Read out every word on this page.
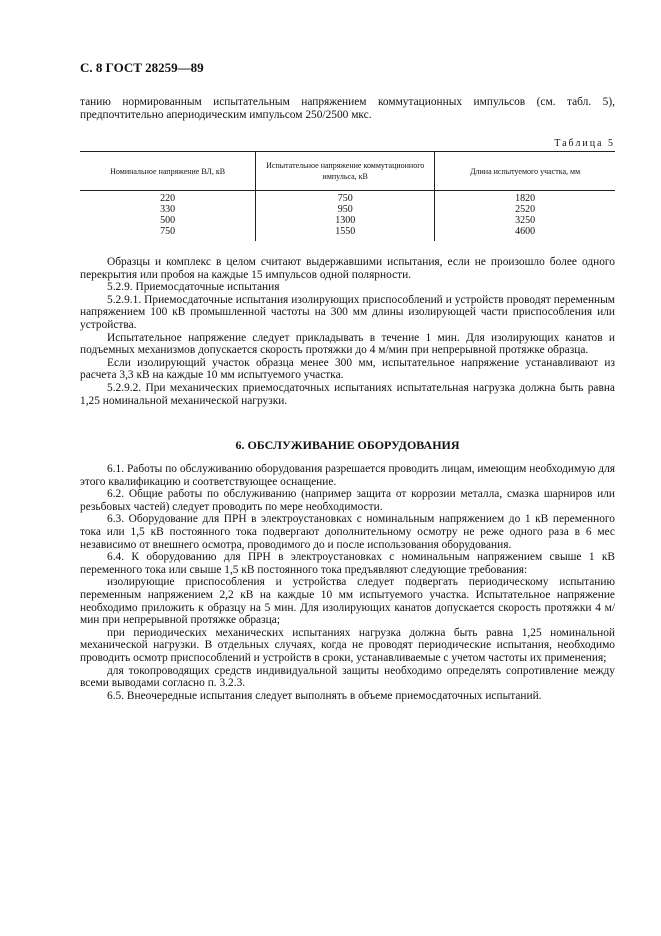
С. 8 ГОСТ 28259—89

танию нормированным испытательным напряжением коммутационных импульсов (см. табл. 5), предпочтительно апериодическим импульсом 250/2500 мкс.

Таблица 5
Номинальное напряжение ВЛ, кВ	Испытательное напряжение коммутационного импульса, кВ	Длина испытуемого участка, мм
220	750	1820
330	950	2520
500	1300	3250
750	1550	4600

Образцы и комплекс в целом считают выдержавшими испытания, если не произошло более одного перекрытия или пробоя на каждые 15 импульсов одной полярности.

5.2.9. Приемосдаточные испытания

5.2.9.1. Приемосдаточные испытания изолирующих приспособлений и устройств проводят переменным напряжением 100 кВ промышленной частоты на 300 мм длины изолирующей части приспособления или устройства.

Испытательное напряжение следует прикладывать в течение 1 мин. Для изолирующих канатов и подъемных механизмов допускается скорость протяжки до 4 м/мин при непрерывной протяжке образца.

Если изолирующий участок образца менее 300 мм, испытательное напряжение устанавливают из расчета 3,3 кВ на каждые 10 мм испытуемого участка.

5.2.9.2. При механических приемосдаточных испытаниях испытательная нагрузка должна быть равна 1,25 номинальной механической нагрузки.

6. ОБСЛУЖИВАНИЕ ОБОРУДОВАНИЯ

6.1. Работы по обслуживанию оборудования разрешается проводить лицам, имеющим необходимую для этого квалификацию и соответствующее оснащение.

6.2. Общие работы по обслуживанию (например защита от коррозии металла, смазка шарниров или резьбовых частей) следует проводить по мере необходимости.

6.3. Оборудование для ПРН в электроустановках с номинальным напряжением до 1 кВ переменного тока или 1,5 кВ постоянного тока подвергают дополнительному осмотру не реже одного раза в 6 мес независимо от внешнего осмотра, проводимого до и после использования оборудования.

6.4. К оборудованию для ПРН в электроустановках с номинальным напряжением свыше 1 кВ переменного тока или свыше 1,5 кВ постоянного тока предъявляют следующие требования:

изолирующие приспособления и устройства следует подвергать периодическому испытанию переменным напряжением 2,2 кВ на каждые 10 мм испытуемого участка. Испытательное напряжение необходимо приложить к образцу на 5 мин. Для изолирующих канатов допускается скорость протяжки 4 м/мин при непрерывной протяжке образца;

при периодических механических испытаниях нагрузка должна быть равна 1,25 номинальной механической нагрузки. В отдельных случаях, когда не проводят периодические испытания, необходимо проводить осмотр приспособлений и устройств в сроки, устанавливаемые с учетом частоты их применения;

для токопроводящих средств индивидуальной защиты необходимо определять сопротивление между всеми выводами согласно п. 3.2.3.

6.5. Внеочередные испытания следует выполнять в объеме приемосдаточных испытаний.
